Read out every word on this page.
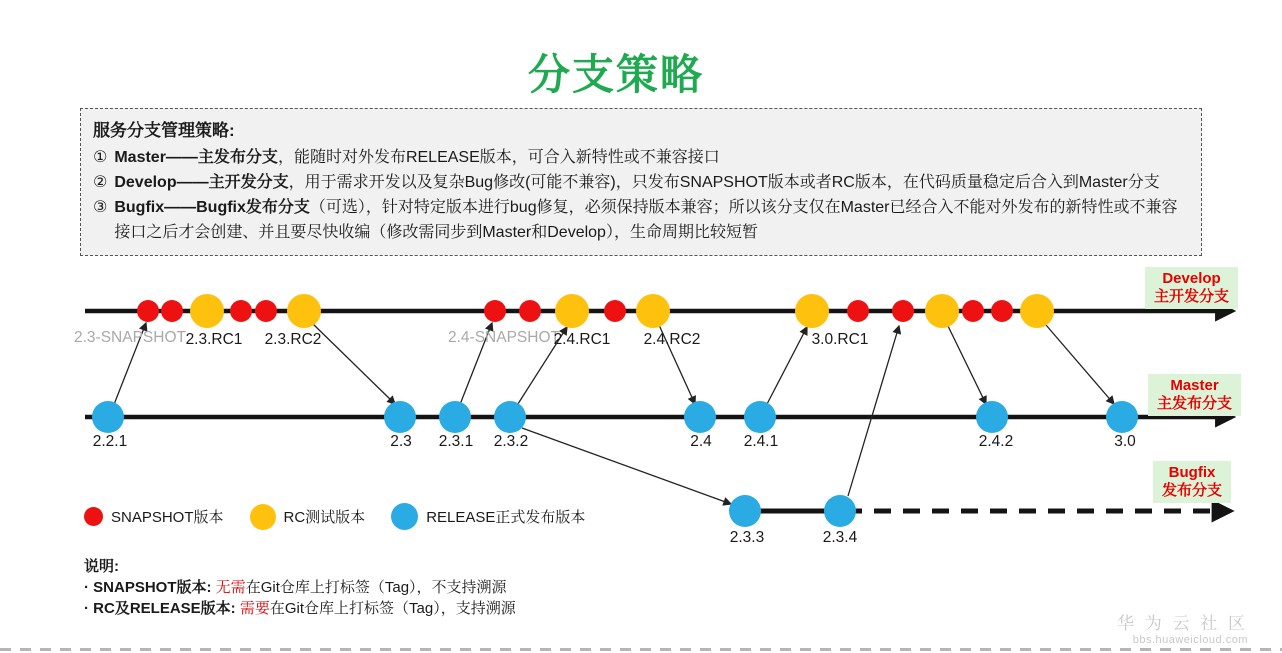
分支策略
服务分支管理策略:
① Master——主发布分支，能随时对外发布RELEASE版本，可合入新特性或不兼容接口
② Develop——主开发分支，用于需求开发以及复杂Bug修改(可能不兼容)，只发布SNAPSHOT版本或者RC版本，在代码质量稳定后合入到Master分支
③ Bugfix——Bugfix发布分支（可选），针对特定版本进行bug修复，必须保持版本兼容；所以该分支仅在Master已经合入不能对外发布的新特性或不兼容接口之后才会创建、并且要尽快收编（修改需同步到Master和Develop），生命周期比较短暂
2.3-SNAPSHOT 2.3.RC1 2.3.RC2	2.4-SNAPSHOT
2.4.RC1 2.4.RC2	3.0.RC1
2.2.1	2.3 2.3.1 2.3.2	2.4 2.4.1	2.4.2	3.0
2.3.3	2.3.4
Develop
主开发分支
Master
主发布分支
Bugfix
发布分支
SNAPSHOT版本	RC测试版本	RELEASE正式发布版本
说明:
· SNAPSHOT版本: 无需在Git仓库上打标签（Tag），不支持溯源
· RC及RELEASE版本: 需要在Git仓库上打标签（Tag），支持溯源
华 为 云 社 区
bbs.huaweicloud.com
